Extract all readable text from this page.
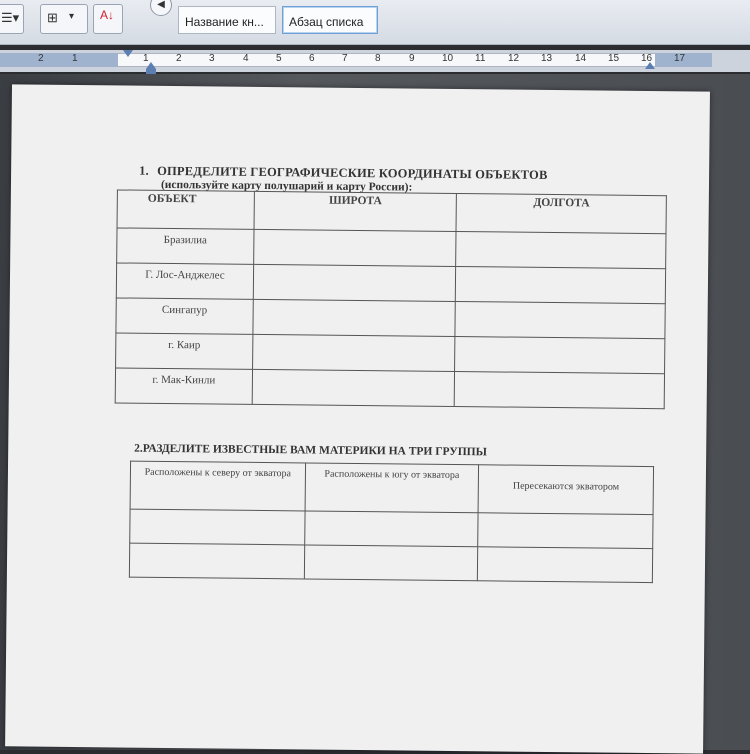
☰▾ ⊞ ▾ A↓
◀
Название кн...	Абзац списка
2	1	1	2	3	4	5	6	7	8	9	10 11 12 13 14 15 16 17
1. ОПРЕДЕЛИТЕ ГЕОГРАФИЧЕСКИЕ КООРДИНАТЫ ОБЪЕКТОВ
(используйте карту полушарий и карту России):
ОБЪЕКТ	ШИРОТА	ДОЛГОТА
Бразилиа		
Г. Лос-Анджелес		
Сингапур		
г. Каир		
г. Мак-Кинли		
2.РАЗДЕЛИТЕ ИЗВЕСТНЫЕ ВАМ МАТЕРИКИ НА ТРИ ГРУППЫ
Расположены к северу от экватора	Расположены к югу от экватора	Пересекаются экватором
